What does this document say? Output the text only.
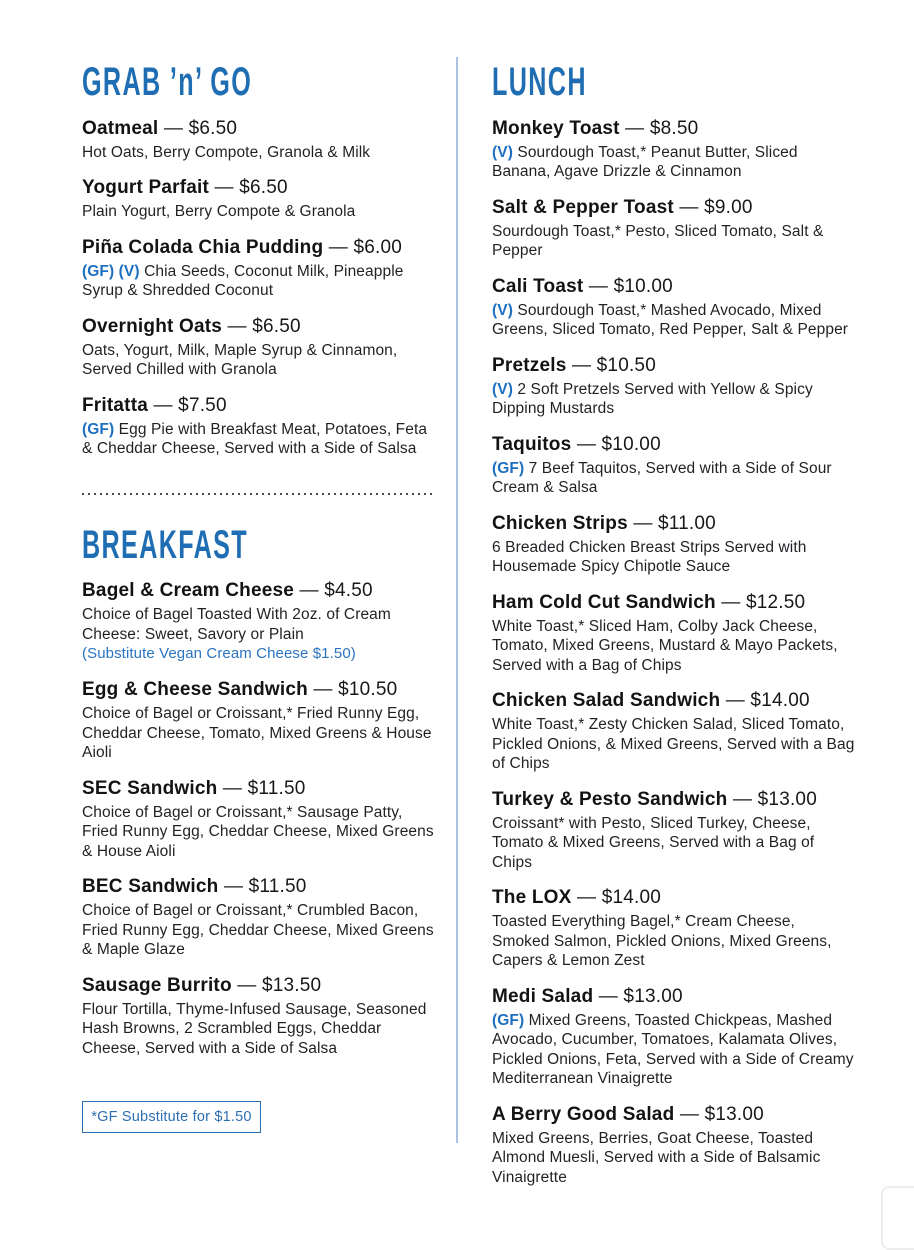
GRAB ’n’ GO
Oatmeal — $6.50

Hot Oats, Berry Compote, Granola & Milk

Yogurt Parfait — $6.50

Plain Yogurt, Berry Compote & Granola

Piña Colada Chia Pudding — $6.00

(GF) (V) Chia Seeds, Coconut Milk, Pineapple Syrup & Shredded Coconut

Overnight Oats — $6.50

Oats, Yogurt, Milk, Maple Syrup & Cinnamon, Served Chilled with Granola

Fritatta — $7.50

(GF) Egg Pie with Breakfast Meat, Potatoes, Feta & Cheddar Cheese, Served with a Side of Salsa

BREAKFAST
Bagel & Cream Cheese — $4.50

Choice of Bagel Toasted With 2oz. of Cream Cheese: Sweet, Savory or Plain

(Substitute Vegan Cream Cheese $1.50)
Egg & Cheese Sandwich — $10.50

Choice of Bagel or Croissant,* Fried Runny Egg, Cheddar Cheese, Tomato, Mixed Greens & House Aioli

SEC Sandwich — $11.50

Choice of Bagel or Croissant,* Sausage Patty, Fried Runny Egg, Cheddar Cheese, Mixed Greens & House Aioli

BEC Sandwich — $11.50

Choice of Bagel or Croissant,* Crumbled Bacon, Fried Runny Egg, Cheddar Cheese, Mixed Greens & Maple Glaze

Sausage Burrito — $13.50

Flour Tortilla, Thyme-Infused Sausage, Seasoned Hash Browns, 2 Scrambled Eggs, Cheddar Cheese, Served with a Side of Salsa

*GF Substitute for $1.50
LUNCH
Monkey Toast — $8.50

(V) Sourdough Toast,* Peanut Butter, Sliced Banana, Agave Drizzle & Cinnamon

Salt & Pepper Toast — $9.00

Sourdough Toast,* Pesto, Sliced Tomato, Salt & Pepper

Cali Toast — $10.00

(V) Sourdough Toast,* Mashed Avocado, Mixed Greens, Sliced Tomato, Red Pepper, Salt & Pepper

Pretzels — $10.50

(V) 2 Soft Pretzels Served with Yellow & Spicy Dipping Mustards

Taquitos — $10.00

(GF) 7 Beef Taquitos, Served with a Side of Sour Cream & Salsa

Chicken Strips — $11.00

6 Breaded Chicken Breast Strips Served with Housemade Spicy Chipotle Sauce

Ham Cold Cut Sandwich — $12.50

White Toast,* Sliced Ham, Colby Jack Cheese, Tomato, Mixed Greens, Mustard & Mayo Packets, Served with a Bag of Chips

Chicken Salad Sandwich — $14.00

White Toast,* Zesty Chicken Salad, Sliced Tomato, Pickled Onions, & Mixed Greens, Served with a Bag of Chips

Turkey & Pesto Sandwich — $13.00

Croissant* with Pesto, Sliced Turkey, Cheese, Tomato & Mixed Greens, Served with a Bag of Chips

The LOX — $14.00

Toasted Everything Bagel,* Cream Cheese, Smoked Salmon, Pickled Onions, Mixed Greens, Capers & Lemon Zest

Medi Salad — $13.00

(GF) Mixed Greens, Toasted Chickpeas, Mashed Avocado, Cucumber, Tomatoes, Kalamata Olives, Pickled Onions, Feta, Served with a Side of Creamy Mediterranean Vinaigrette

A Berry Good Salad — $13.00

Mixed Greens, Berries, Goat Cheese, Toasted Almond Muesli, Served with a Side of Balsamic Vinaigrette
